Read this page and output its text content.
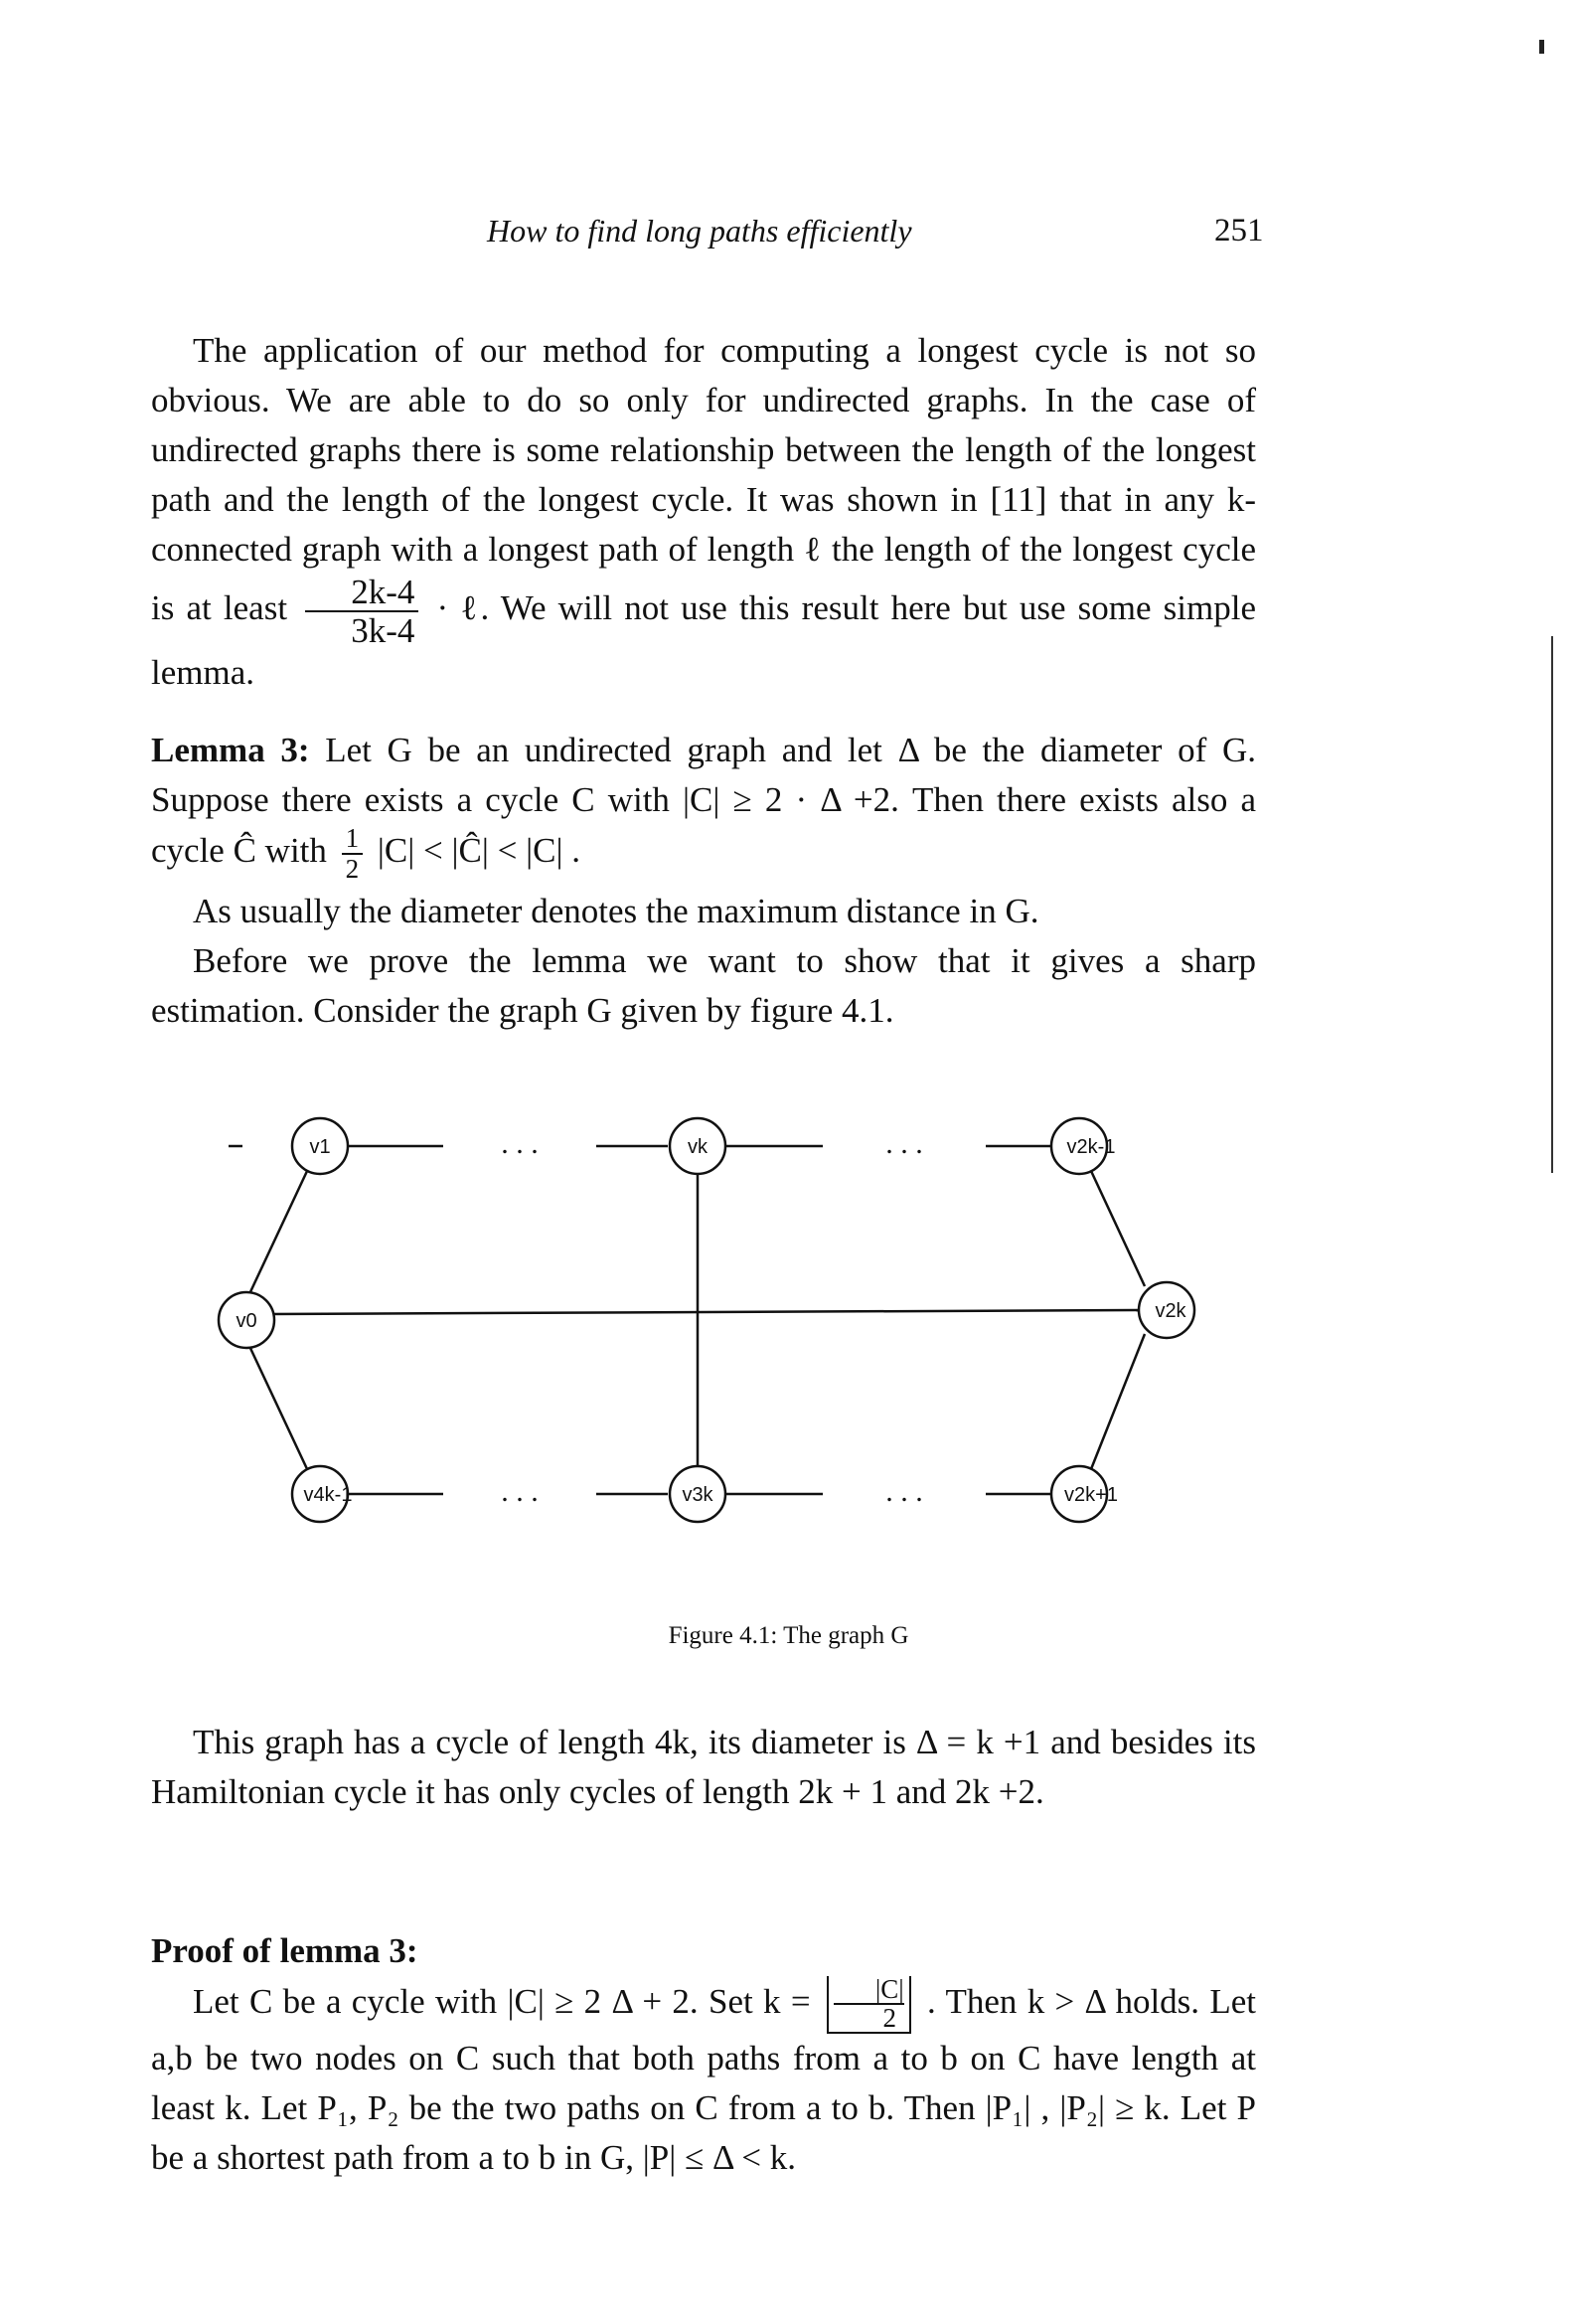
How to find long paths efficiently	251

The application of our method for computing a longest cycle is not so obvious. We are able to do so only for undirected graphs. In the case of undirected graphs there is some relationship between the length of the longest path and the length of the longest cycle. It was shown in [11] that in any k-connected graph with a longest path of length ℓ the length of the longest cycle is at least $\frac{2k-4}{3k-4}$ · ℓ. We will not use this result here but use some simple lemma.

Lemma 3: Let G be an undirected graph and let Δ be the diameter of G. Suppose there exists a cycle C with |C| ≥ 2 · Δ +2. Then there exists also a cycle Ĉ with $\frac{1}{2} |C|$ < |Ĉ| < |C| .

As usually the diameter denotes the maximum distance in G.

Before we prove the lemma we want to show that it gives a sharp estimation. Consider the graph G given by figure 4.1.

v1	vk	v2k-1
v0	v2k
v4k-1	v3k	v2k+1
. . .	. . .
. . .	. . .
Figure 4.1: The graph G

This graph has a cycle of length 4k, its diameter is Δ = k +1 and besides its Hamiltonian cycle it has only cycles of length 2k + 1 and 2k +2.

Proof of lemma 3:

Let C be a cycle with |C| ≥ 2 Δ + 2. Set $k = \frac{|C|}{2}$ . Then k > Δ holds. Let a,b be two nodes on C such that both paths from a to b on C have length at least k. Let P₁, P₂ be the two paths on C from a to b. Then |P₁| , |P₂| ≥ k. Let P be a shortest path from a to b in G, |P| ≤ Δ < k.
